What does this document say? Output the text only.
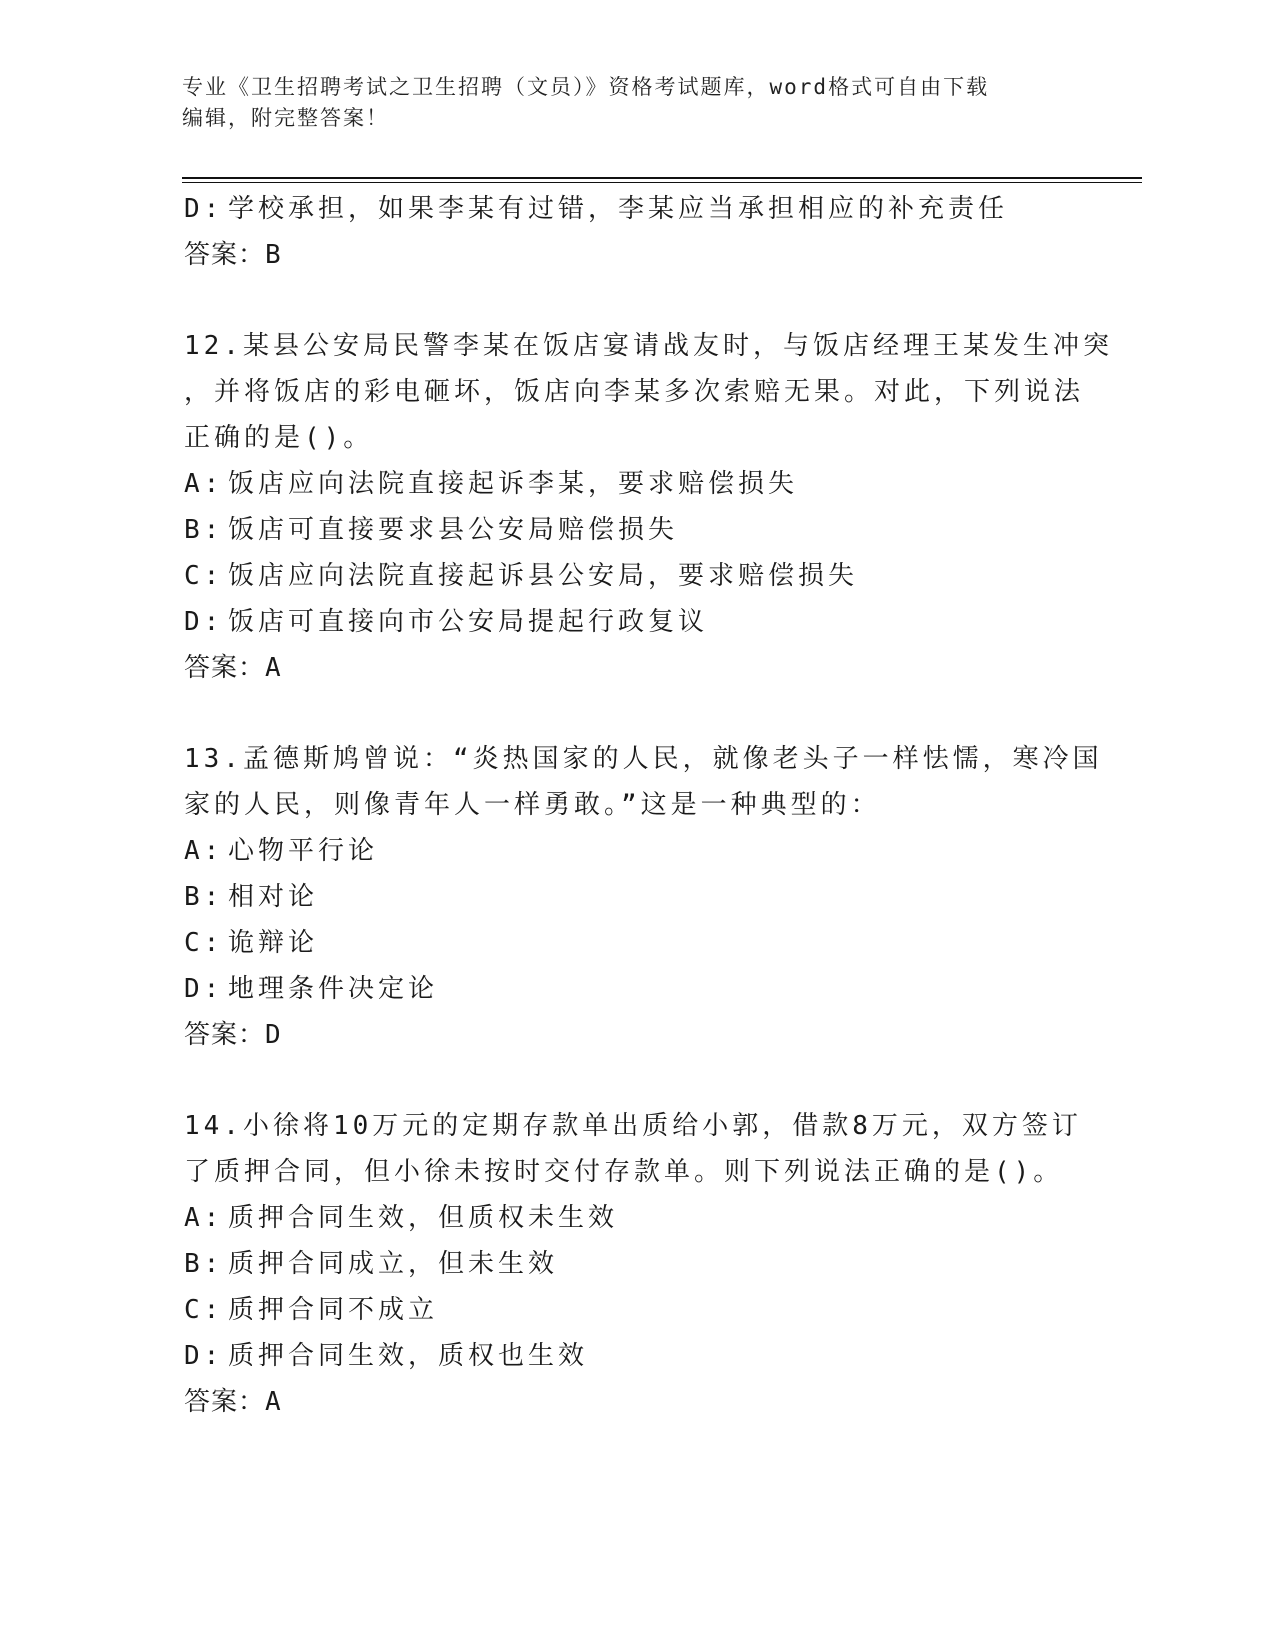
专业《卫生招聘考试之卫生招聘（文员）》资格考试题库，word格式可自由下载
编辑，附完整答案！
D: 学校承担，如果李某有过错，李某应当承担相应的补充责任
答案：B
12.某县公安局民警李某在饭店宴请战友时，与饭店经理王某发生冲突
，并将饭店的彩电砸坏，饭店向李某多次索赔无果。对此，下列说法
正确的是()。
A: 饭店应向法院直接起诉李某，要求赔偿损失
B: 饭店可直接要求县公安局赔偿损失
C: 饭店应向法院直接起诉县公安局，要求赔偿损失
D: 饭店可直接向市公安局提起行政复议
答案：A
13.孟德斯鸠曾说：“炎热国家的人民，就像老头子一样怯懦，寒冷国
家的人民，则像青年人一样勇敢。”这是一种典型的：
A: 心物平行论
B: 相对论
C: 诡辩论
D: 地理条件决定论
答案：D
14.小徐将10万元的定期存款单出质给小郭，借款8万元，双方签订
了质押合同，但小徐未按时交付存款单。则下列说法正确的是()。
A: 质押合同生效，但质权未生效
B: 质押合同成立，但未生效
C: 质押合同不成立
D: 质押合同生效，质权也生效
答案：A
